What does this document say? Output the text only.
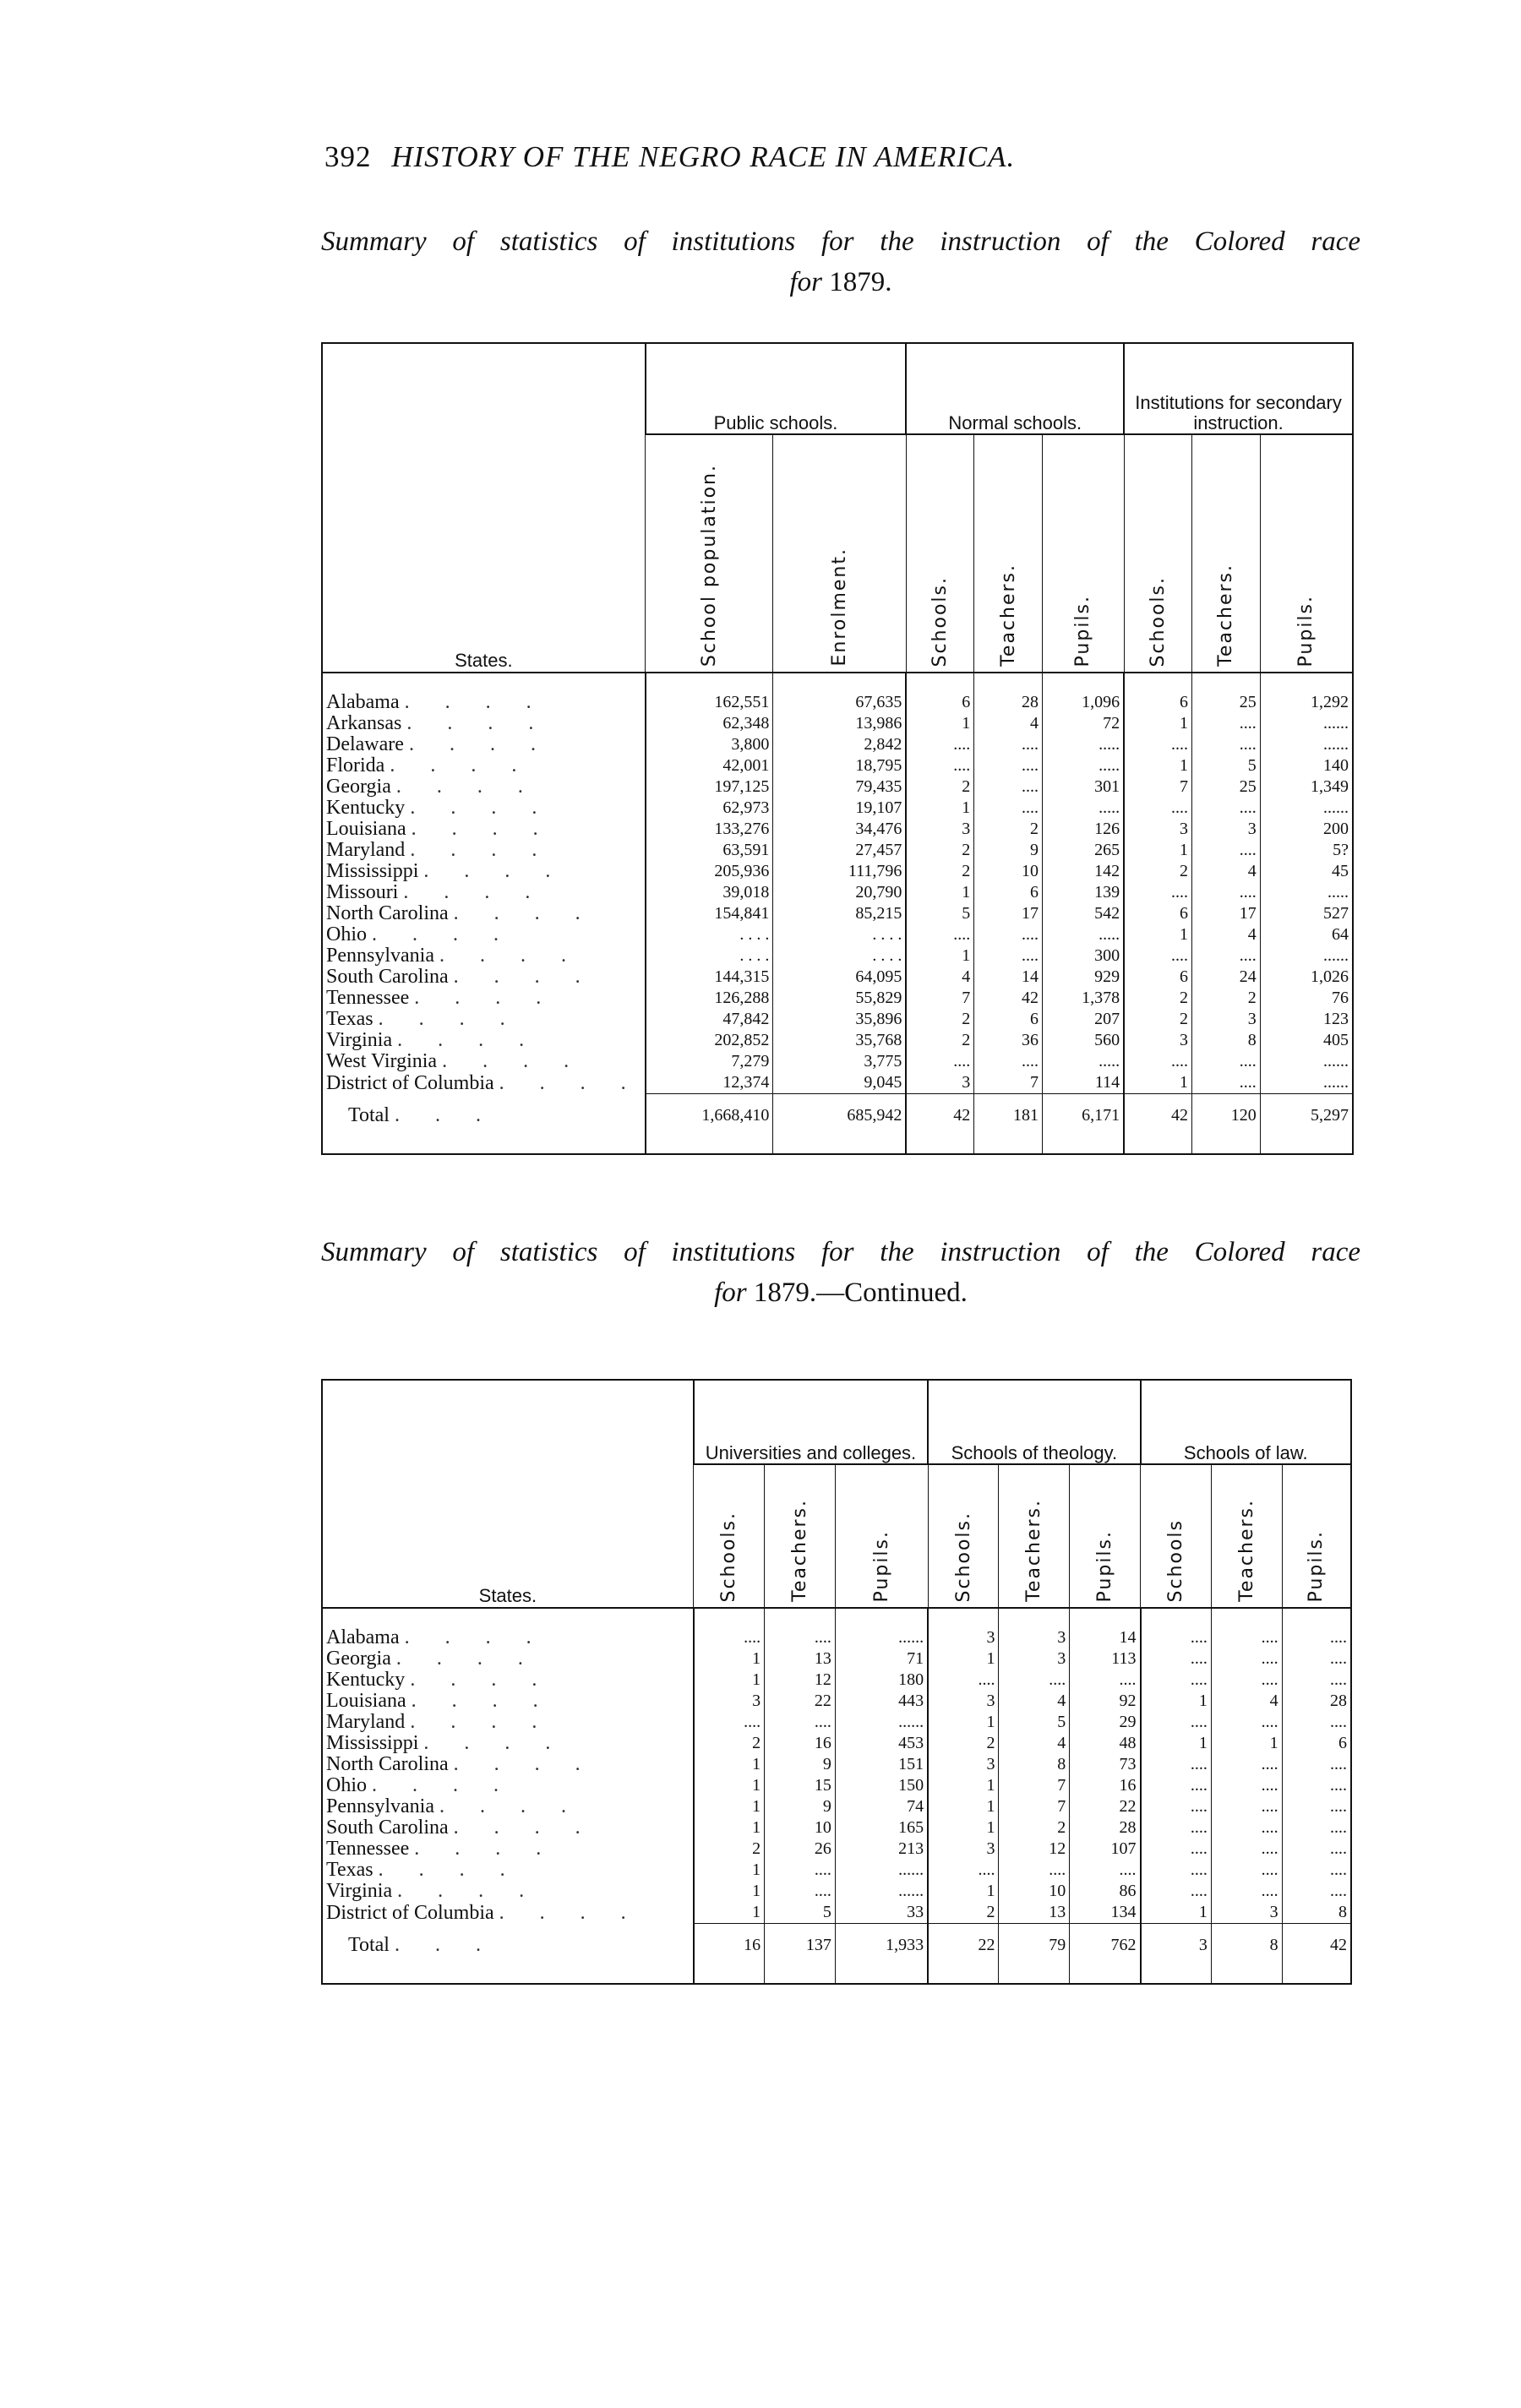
392 HISTORY OF THE NEGRO RACE IN AMERICA.
Summary of statistics of institutions for the instruction of the Colored race
for 1879.
States.	Public schools.		Normal schools.			Institutions for secondary instruction.		
	School population.	Enrolment.	Schools.	Teachers.	Pupils.	Schools.	Teachers.	Pupils.

Alabama . . . .	162,551	67,635	6	28	1,096	6	25	1,292
Arkansas . . . .	62,348	13,986	1	4	72	1	....	......
Delaware . . . .	3,800	2,842	....	....	.....	....	....	......
Florida . . . .	42,001	18,795	....	....	.....	1	5	140
Georgia . . . .	197,125	79,435	2	....	301	7	25	1,349
Kentucky . . . .	62,973	19,107	1	....	.....	....	....	......
Louisiana . . . .	133,276	34,476	3	2	126	3	3	200
Maryland . . . .	63,591	27,457	2	9	265	1	....	5?
Mississippi . . . .	205,936	111,796	2	10	142	2	4	45
Missouri . . . .	39,018	20,790	1	6	139	....	....	.....
North Carolina . . . .	154,841	85,215	5	17	542	6	17	527
Ohio . . . .	. . . .	. . . .	....	....	.....	1	4	64
Pennsylvania . . . .	. . . .	. . . .	1	....	300	....	....	......
South Carolina . . . .	144,315	64,095	4	14	929	6	24	1,026
Tennessee . . . .	126,288	55,829	7	42	1,378	2	2	76
Texas . . . .	47,842	35,896	2	6	207	2	3	123
Virginia . . . .	202,852	35,768	2	36	560	3	8	405
West Virginia . . . .	7,279	3,775	....	....	.....	....	....	......
District of Columbia . . . .	12,374	9,045	3	7	114	1	....	......
Total . . .	1,668,410	685,942	42	181	6,171	42	120	5,297

Summary of statistics of institutions for the instruction of the Colored race
for 1879.—Continued.
States.	Universities and colleges.			Schools of theology.			Schools of law.		
	Schools.	Teachers.	Pupils.	Schools.	Teachers.	Pupils.	Schools	Teachers.	Pupils.

Alabama . . . .	....	....	......	3	3	14	....	....	....
Georgia . . . .	1	13	71	1	3	113	....	....	....
Kentucky . . . .	1	12	180	....	....	....	....	....	....
Louisiana . . . .	3	22	443	3	4	92	1	4	28
Maryland . . . .	....	....	......	1	5	29	....	....	....
Mississippi . . . .	2	16	453	2	4	48	1	1	6
North Carolina . . . .	1	9	151	3	8	73	....	....	....
Ohio . . . .	1	15	150	1	7	16	....	....	....
Pennsylvania . . . .	1	9	74	1	7	22	....	....	....
South Carolina . . . .	1	10	165	1	2	28	....	....	....
Tennessee . . . .	2	26	213	3	12	107	....	....	....
Texas . . . .	1	....	......	....	....	....	....	....	....
Virginia . . . .	1	....	......	1	10	86	....	....	....
District of Columbia . . . .	1	5	33	2	13	134	1	3	8
Total . . .	16	137	1,933	22	79	762	3	8	42
